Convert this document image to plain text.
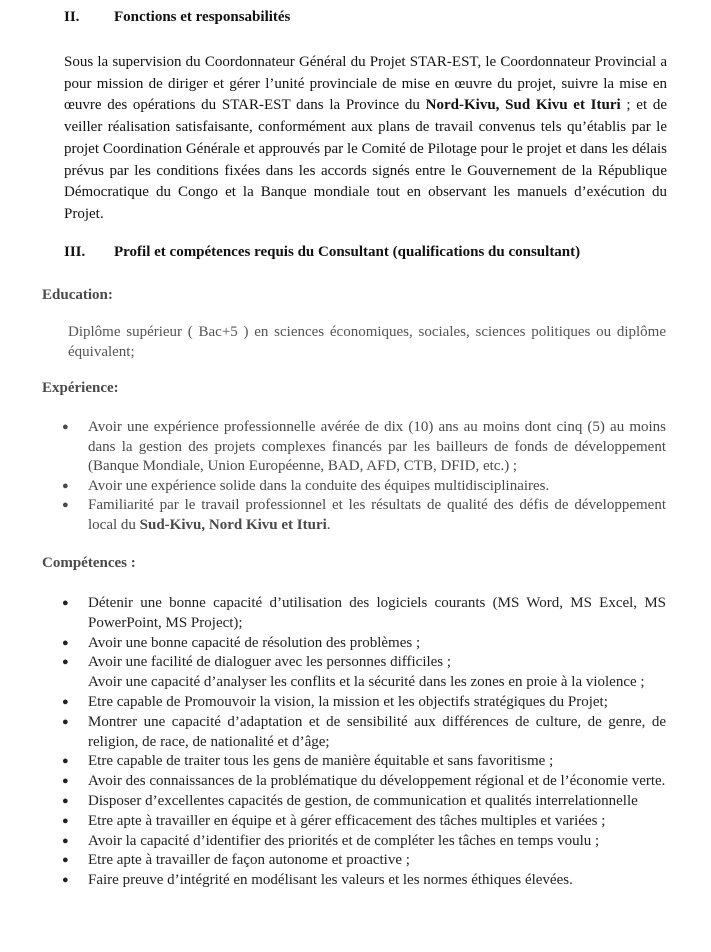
II. Fonctions et responsabilités
Sous la supervision du Coordonnateur Général du Projet STAR-EST, le Coordonnateur Provincial a pour mission de diriger et gérer l’unité provinciale de mise en œuvre du projet, suivre la mise en œuvre des opérations du STAR-EST dans la Province du Nord-Kivu, Sud Kivu et Ituri ; et de veiller réalisation satisfaisante, conformément aux plans de travail convenus tels qu’établis par le projet Coordination Générale et approuvés par le Comité de Pilotage pour le projet et dans les délais prévus par les conditions fixées dans les accords signés entre le Gouvernement de la République Démocratique du Congo et la Banque mondiale tout en observant les manuels d’exécution du Projet.
III. Profil et compétences requis du Consultant (qualifications du consultant)
Education:
Diplôme supérieur ( Bac+5 ) en sciences économiques, sociales, sciences politiques ou diplôme équivalent;
Expérience:
● Avoir une expérience professionnelle avérée de dix (10) ans au moins dont cinq (5) au moins dans la gestion des projets complexes financés par les bailleurs de fonds de développement (Banque Mondiale, Union Européenne, BAD, AFD, CTB, DFID, etc.) ;
● Avoir une expérience solide dans la conduite des équipes multidisciplinaires.
● Familiarité par le travail professionnel et les résultats de qualité des défis de développement local du Sud-Kivu, Nord Kivu et Ituri.
Compétences :
● Détenir une bonne capacité d’utilisation des logiciels courants (MS Word, MS Excel, MS PowerPoint, MS Project);
● Avoir une bonne capacité de résolution des problèmes ;
● Avoir une facilité de dialoguer avec les personnes difficiles ;
Avoir une capacité d’analyser les conflits et la sécurité dans les zones en proie à la violence ;
● Etre capable de Promouvoir la vision, la mission et les objectifs stratégiques du Projet;
● Montrer une capacité d’adaptation et de sensibilité aux différences de culture, de genre, de religion, de race, de nationalité et d’âge;
● Etre capable de traiter tous les gens de manière équitable et sans favoritisme ;
● Avoir des connaissances de la problématique du développement régional et de l’économie verte.
● Disposer d’excellentes capacités de gestion, de communication et qualités interrelationnelle
● Etre apte à travailler en équipe et à gérer efficacement des tâches multiples et variées ;
● Avoir la capacité d’identifier des priorités et de compléter les tâches en temps voulu ;
● Etre apte à travailler de façon autonome et proactive ;
● Faire preuve d’intégrité en modélisant les valeurs et les normes éthiques élevées.
